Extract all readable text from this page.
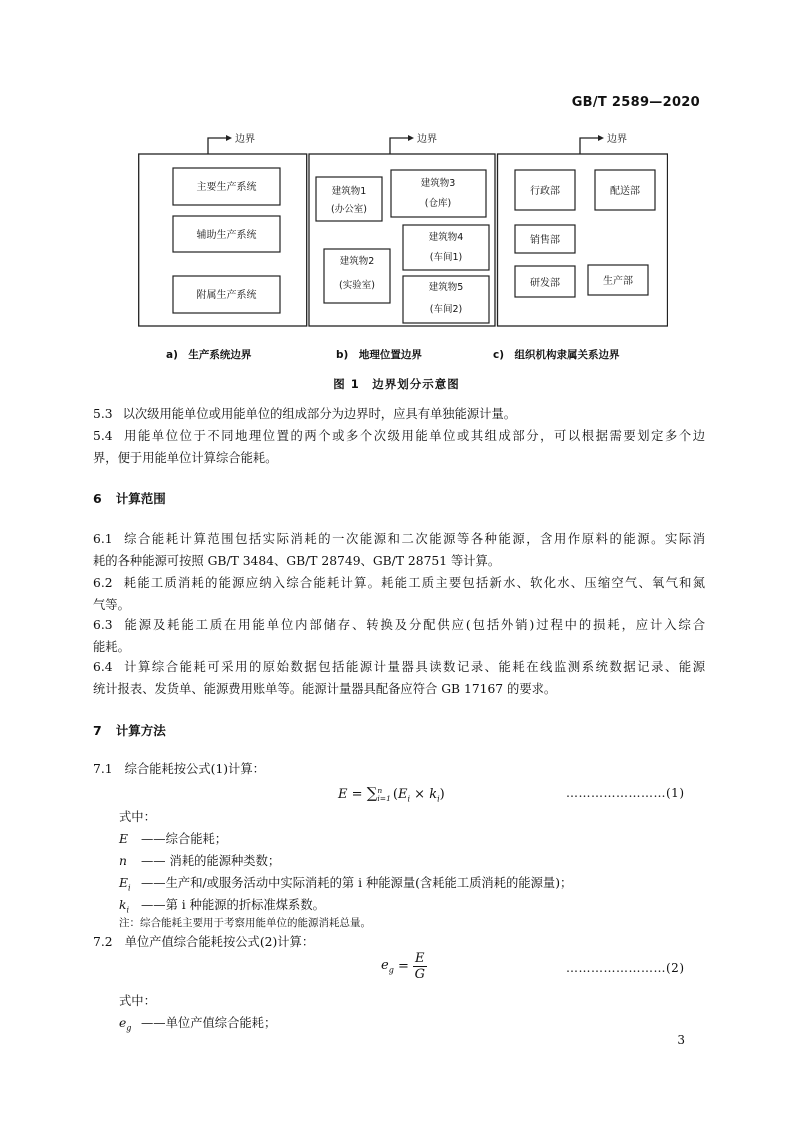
GB/T 2589—2020
边界	边界	边界
主要生产系统
辅助生产系统
附属生产系统
建筑物1
(办公室)
建筑物3
(仓库)
建筑物2
(实验室)
建筑物4
(车间1)
建筑物5
(车间2)
行政部	配送部
销售部
研发部	生产部
a)　生产系统边界	b)　地理位置边界	c)　组织机构隶属关系边界
图 1　边界划分示意图
5.3 以次级用能单位或用能单位的组成部分为边界时，应具有单独能源计量。
5.4 用能单位位于不同地理位置的两个或多个次级用能单位或其组成部分，可以根据需要划定多个边
界，便于用能单位计算综合能耗。
6 计算范围
6.1 综合能耗计算范围包括实际消耗的一次能源和二次能源等各种能源，含用作原料的能源。实际消
耗的各种能源可按照 GB/T 3484、GB/T 28749、GB/T 28751 等计算。
6.2 耗能工质消耗的能源应纳入综合能耗计算。耗能工质主要包括新水、软化水、压缩空气、氧气和氮
气等。
6.3 能源及耗能工质在用能单位内部储存、转换及分配供应(包括外销)过程中的损耗，应计入综合
能耗。
6.4 计算综合能耗可采用的原始数据包括能源计量器具读数记录、能耗在线监测系统数据记录、能源
统计报表、发货单、能源费用账单等。能源计量器具配备应符合 GB 17167 的要求。
7 计算方法
7.1 综合能耗按公式(1)计算：
E = ∑ n
i=1 $(E_i \times k_i)$	……………………(1)
式中：
E ——综合能耗；
n —— 消耗的能源种类数；
$E_i$ ——生产和/或服务活动中实际消耗的第 i 种能源量(含耗能工质消耗的能源量)；
$k_i$ ——第 i 种能源的折标准煤系数。
注：综合能耗主要用于考察用能单位的能源消耗总量。
7.2 单位产值综合能耗按公式(2)计算：
$e_g = \frac{E}{G}$	……………………(2)
式中：
$e_g$ ——单位产值综合能耗；
3
